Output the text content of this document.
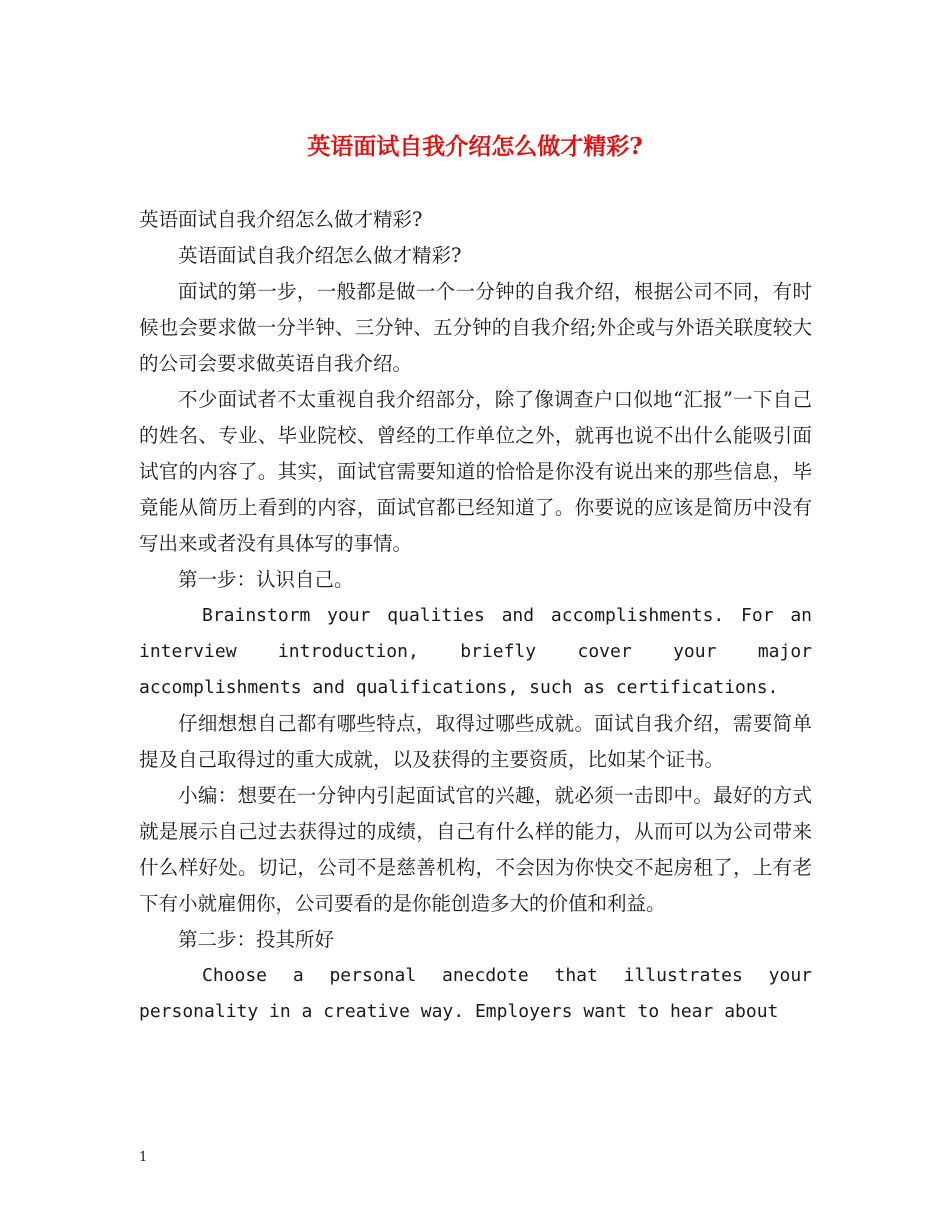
英语面试自我介绍怎么做才精彩?

英语面试自我介绍怎么做才精彩?

英语面试自我介绍怎么做才精彩?

面试的第一步，一般都是做一个一分钟的自我介绍，根据公司不同，有时候也会要求做一分半钟、三分钟、五分钟的自我介绍;外企或与外语关联度较大的公司会要求做英语自我介绍。

不少面试者不太重视自我介绍部分，除了像调查户口似地“汇报”一下自己的姓名、专业、毕业院校、曾经的工作单位之外，就再也说不出什么能吸引面试官的内容了。其实，面试官需要知道的恰恰是你没有说出来的那些信息，毕竟能从简历上看到的内容，面试官都已经知道了。你要说的应该是简历中没有写出来或者没有具体写的事情。

第一步：认识自己。

Brainstorm your qualities and accomplishments. For an interview introduction, briefly cover your major accomplishments and qualifications, such as certifications.

仔细想想自己都有哪些特点，取得过哪些成就。面试自我介绍，需要简单提及自己取得过的重大成就，以及获得的主要资质，比如某个证书。

小编：想要在一分钟内引起面试官的兴趣，就必须一击即中。最好的方式就是展示自己过去获得过的成绩，自己有什么样的能力，从而可以为公司带来什么样好处。切记，公司不是慈善机构，不会因为你快交不起房租了，上有老下有小就雇佣你，公司要看的是你能创造多大的价值和利益。

第二步：投其所好

Choose a personal anecdote that illustrates your personality in a creative way. Employers want to hear about

1
